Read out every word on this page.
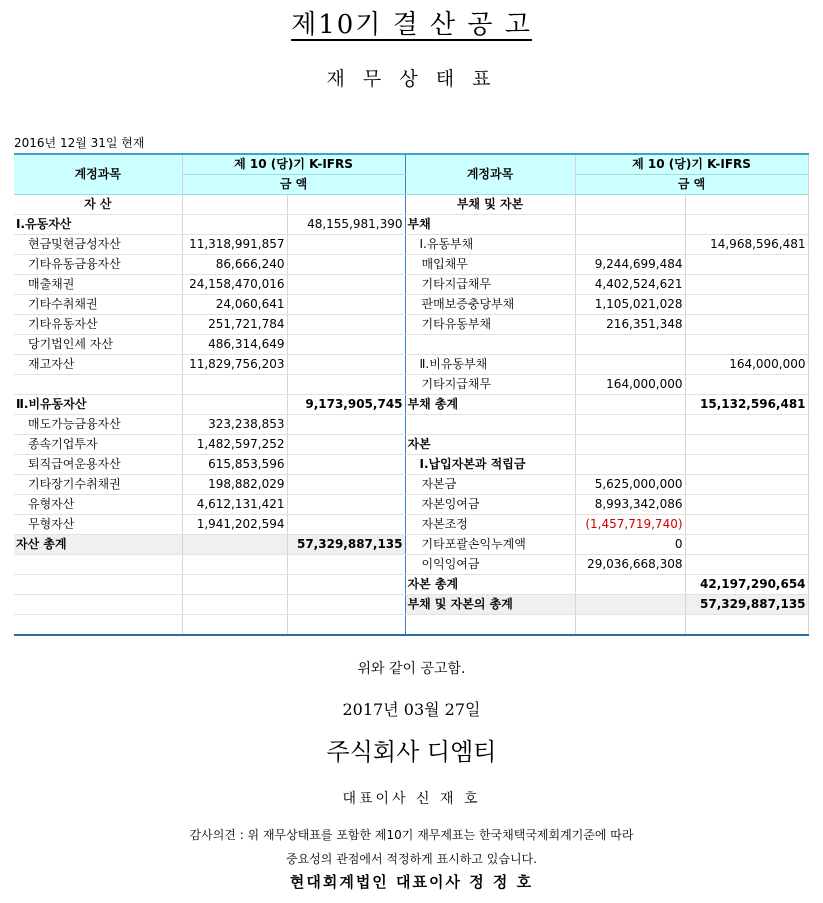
제10기 결 산 공 고
재 무 상 태 표
2016년 12월 31일 현재
계정과목	제 10 (당)기 K-IFRS		계정과목	제 10 (당)기 K-IFRS	
	금 액			금 액	
자 산			부채 및 자본		
Ⅰ.유동자산		48,155,981,390	부채		
현금및현금성자산	11,318,991,857		Ⅰ.유동부채		14,968,596,481
기타유동금융자산	86,666,240		매입채무	9,244,699,484	
매출채권	24,158,470,016		기타지급채무	4,402,524,621	
기타수취채권	24,060,641		판매보증충당부채	1,105,021,028	
기타유동자산	251,721,784		기타유동부채	216,351,348	
당기법인세 자산	486,314,649				
재고자산	11,829,756,203		Ⅱ.비유동부채		164,000,000
			기타지급채무	164,000,000	
Ⅱ.비유동자산		9,173,905,745	부채 총계		15,132,596,481
매도가능금융자산	323,238,853				
종속기업투자	1,482,597,252		자본		
퇴직급여운용자산	615,853,596		Ⅰ.납입자본과 적립금		
기타장기수취채권	198,882,029		자본금	5,625,000,000	
유형자산	4,612,131,421		자본잉여금	8,993,342,086	
무형자산	1,941,202,594		자본조정	(1,457,719,740)	
자산 총계		57,329,887,135	기타포괄손익누계액	0	
			이익잉여금	29,036,668,308	
			자본 총계		42,197,290,654
			부채 및 자본의 총계		57,329,887,135

위와 같이 공고함.
2017년 03월 27일
주식회사 디엠티
대표이사 신 재 호
감사의견 : 위 재무상태표를 포함한 제10기 재무제표는 한국채택국제회계기준에 따라
중요성의 관점에서 적정하게 표시하고 있습니다.
현대회계법인 대표이사 정 정 호
